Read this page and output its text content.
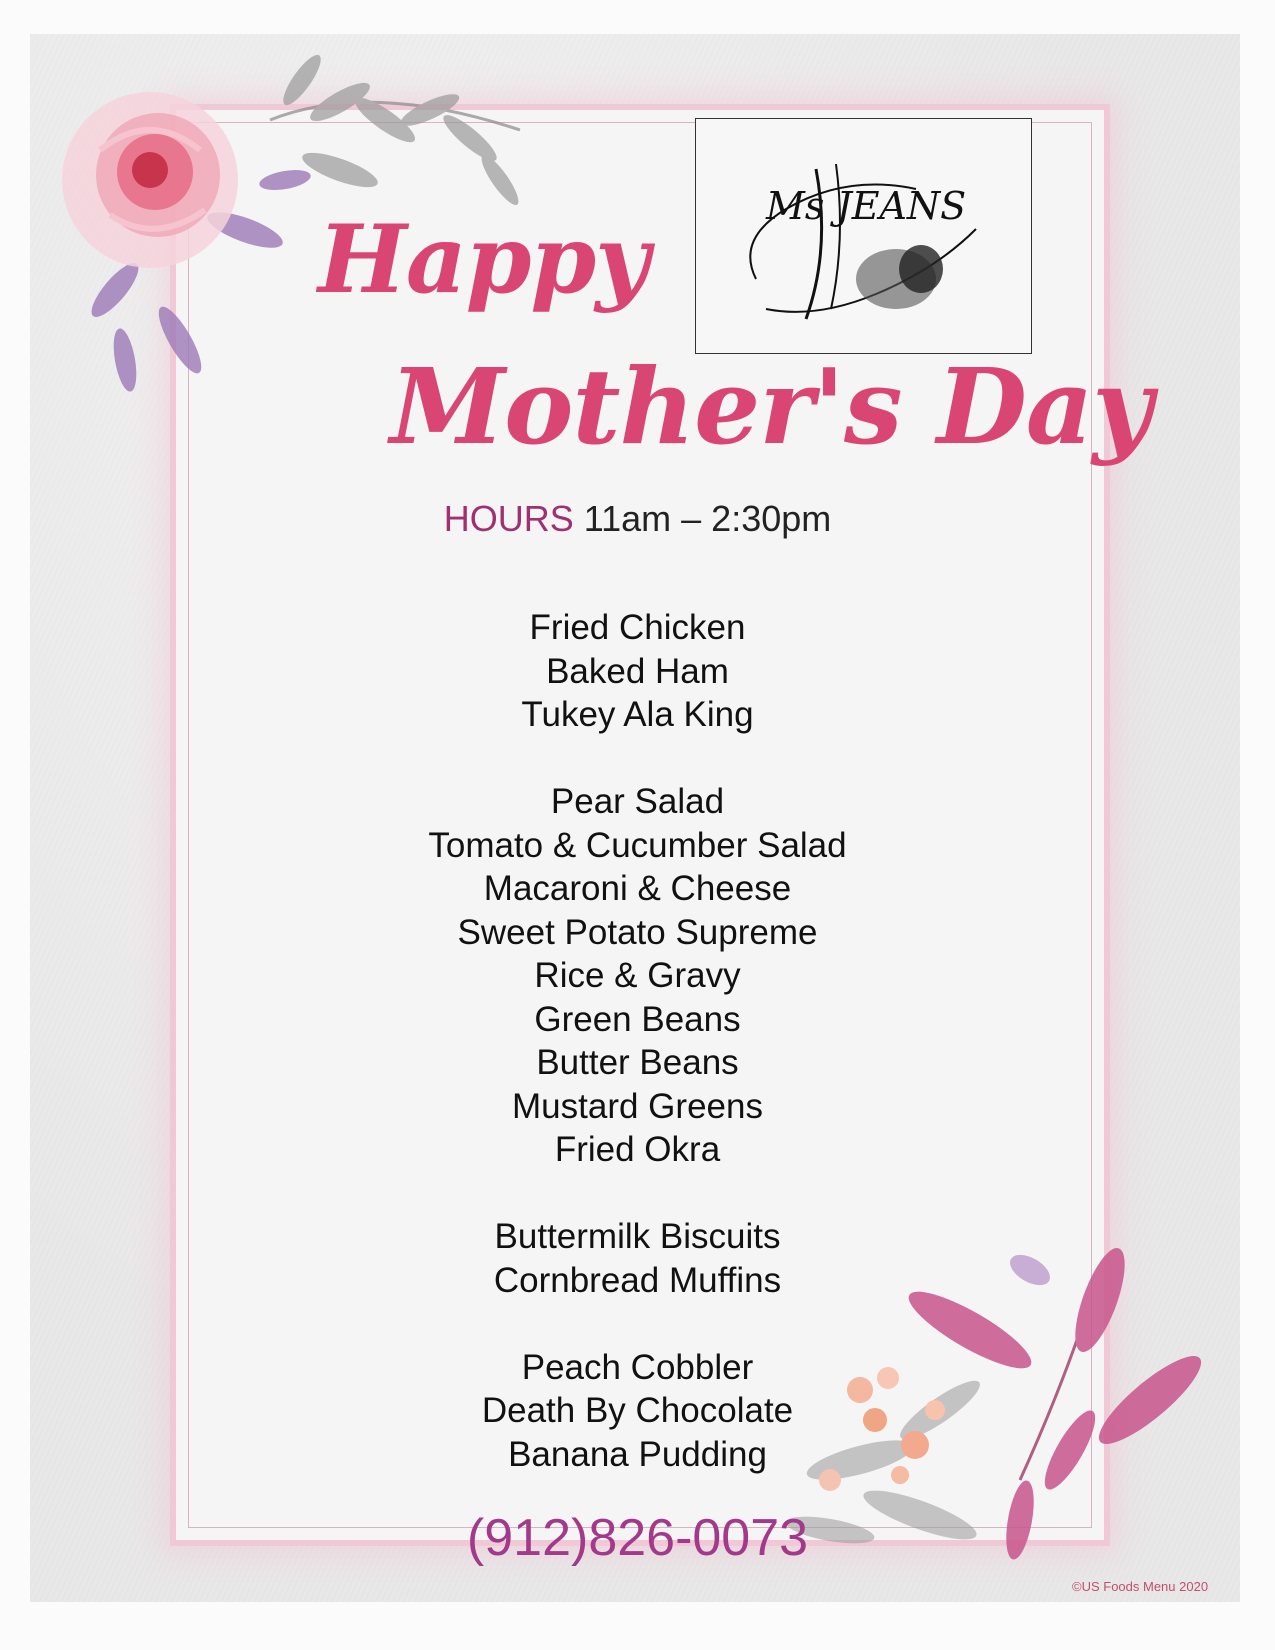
Ms JEANS
Happy
Mother's Day
HOURS 11am – 2:30pm
Fried Chicken
Baked Ham
Tukey Ala King
Pear Salad
Tomato & Cucumber Salad
Macaroni & Cheese
Sweet Potato Supreme
Rice & Gravy
Green Beans
Butter Beans
Mustard Greens
Fried Okra
Buttermilk Biscuits
Cornbread Muffins
Peach Cobbler
Death By Chocolate
Banana Pudding
(912)826-0073
©US Foods Menu 2020
